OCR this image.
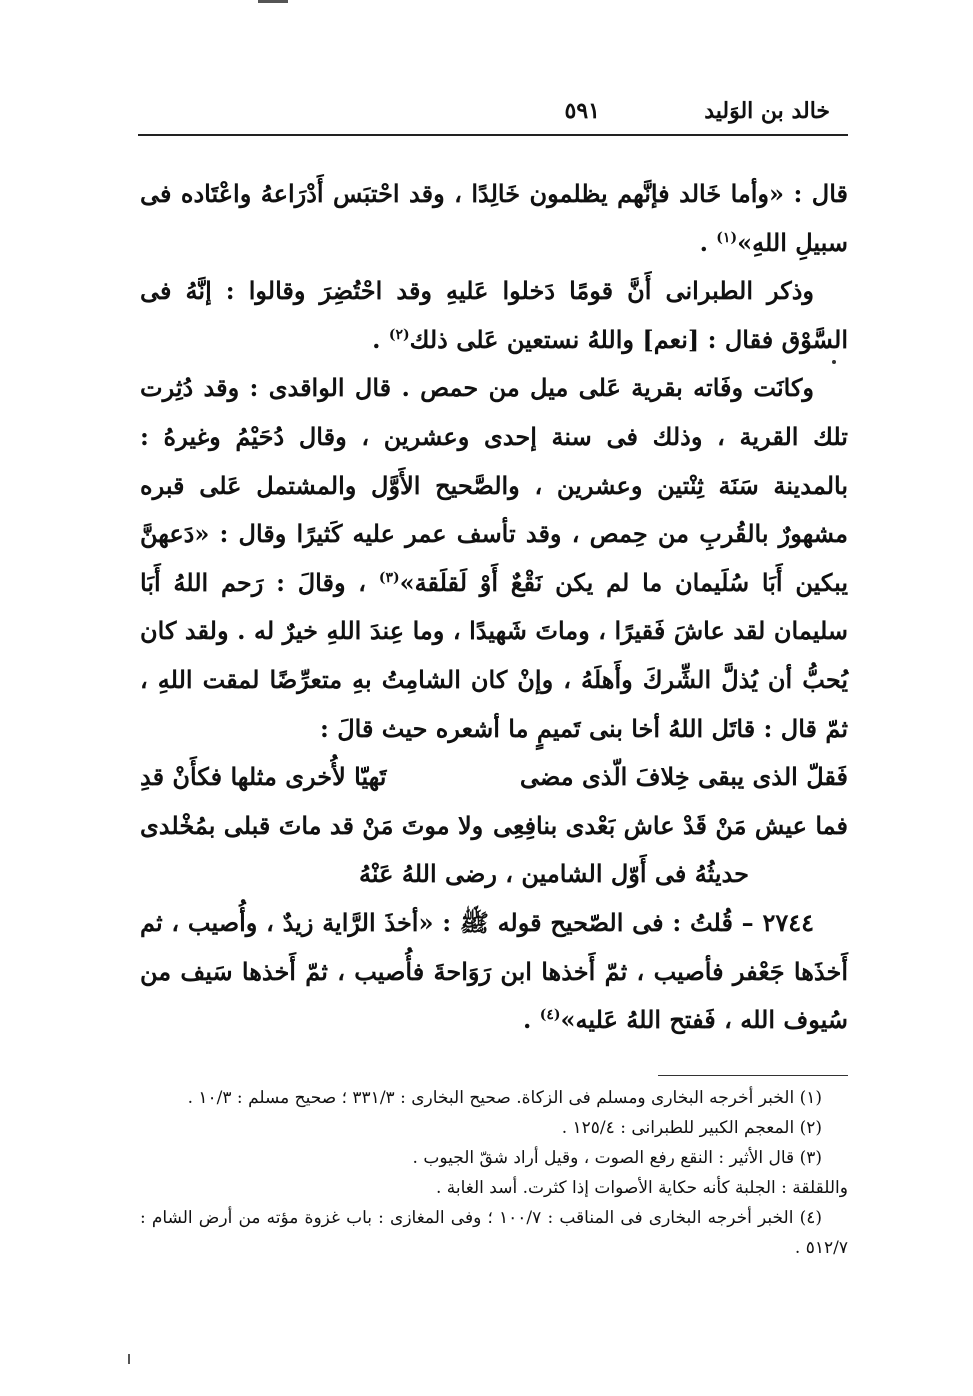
خالد بن الوَليد
٥٩١

قال : «وأما خَالد فإنَّهم يظلمون خَالِدًا ، وقد احْتبَس أَدْرَاعهُ واعْتَاده فى سبيلِ اللهِ»$^{(١)}$ .

وذكر الطبرانى أَنَّ قومًا دَخلوا عَليهِ وقد احْتُضِرَ وقالوا : إنَّهُ فى السَّوْق فقال : [نعم] واللهُ نستعين عَلى ذلك$^{(٢)}$ .

وكانَت وفَاته بقرية عَلى ميل من حمص . قال الواقدى : وقد دُثِرت تلك القرية ، وذلك فى سنة إحدى وعشرين ، وقال دُحَيْمُ وغيرهُ : بالمدينة سَنَة ثِنْتين وعشرين ، والصَّحيح الأَوَّل والمشتمل عَلى قبره مشهورٌ بالقُربِ من حِمص ، وقد تأسف عمر عليه كَثيرًا وقال : «دَعهنَّ يبكين أَبَا سُلَيمان ما لم يكن نَقْعٌ أَوْ لَقلَقة»$^{(٣)}$ ، وقالَ : رَحم اللهُ أَبَا سليمان لقد عاشَ فَقيرًا ، وماتَ شَهيدًا ، وما عِندَ اللهِ خيرٌ له . ولقد كان يُحبُّ أن يُذلَّ الشِّركَ وأَهلَهُ ، وإنْ كان الشامِتُ بهِ متعرِّضًا لمقت اللهِ ، ثمّ قال : قاتَل اللهُ أخا بنى تَميمٍ ما أشعره حيث قالَ :

فَقلّ الذى يبقى خِلافَ الّذى مضى
تَهيّا لأُخرى مثلها فكأَنْ قدِ
فما عيش مَنْ قَدْ عاش بَعْدى بنافِعِى
ولا موتَ مَنْ قد ماتَ قبلى بمُخْلدى

حديثُهُ فى أَوّل الشامين ، رضى اللهُ عَنْهُ

٢٧٤٤ – قُلتُ : فى الصّحيح قوله ﷺ : «أخذَ الرَّاية زيدٌ ، وأُصيب ، ثم أَخذَها جَعْفر فأصيب ، ثمّ أَخذها ابن رَوَاحةَ فأُصيب ، ثمّ أَخذها سَيف من سُيوف الله ، فَفتح اللهُ عَليه»$^{(٤)}$ .

(١) الخبر أخرجه البخارى ومسلم فى الزكاة. صحيح البخارى : ٣٣١/٣ ؛ صحيح مسلم : ١٠/٣ .

(٢) المعجم الكبير للطبرانى : ١٢٥/٤ .

(٣) قال الأثير : النقع رفع الصوت ، وقيل أراد شقّ الجيوب .

واللقلقة : الجلبة كأنه حكاية الأصوات إذا كثرت. أسد الغابة .

(٤) الخبر أخرجه البخارى فى المناقب : ١٠٠/٧ ؛ وفى المغازى : باب غزوة مؤته من أرض الشام : ٥١٢/٧ .
